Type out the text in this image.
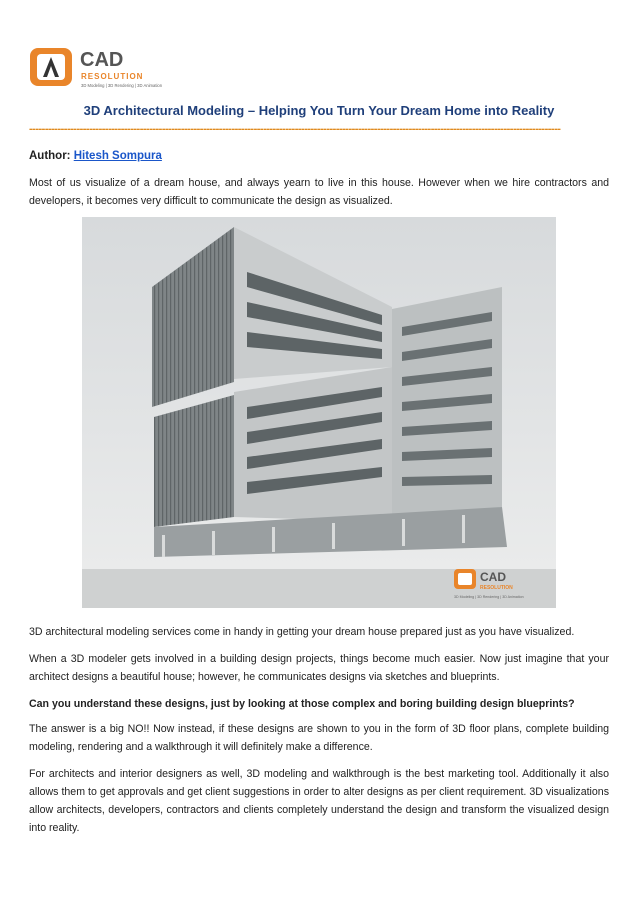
CAD
RESOLUTION
3D Modeling | 3D Rendering | 3D Animation
3D Architectural Modeling – Helping You Turn Your Dream Home into Reality
------------------------------------------------------------------------------------------------------------------------------------------------------------------------
Author: Hitesh Sompura
Most of us visualize of a dream house, and always yearn to live in this house. However when we hire contractors and developers, it becomes very difficult to communicate the design as visualized.
CAD
RESOLUTION
3D Modeling | 3D Rendering | 3D Animation
3D architectural modeling services come in handy in getting your dream house prepared just as you have visualized.
When a 3D modeler gets involved in a building design projects, things become much easier. Now just imagine that your architect designs a beautiful house; however, he communicates designs via sketches and blueprints.
Can you understand these designs, just by looking at those complex and boring building design blueprints?
The answer is a big NO!! Now instead, if these designs are shown to you in the form of 3D floor plans, complete building modeling, rendering and a walkthrough it will definitely make a difference.
For architects and interior designers as well, 3D modeling and walkthrough is the best marketing tool. Additionally it also allows them to get approvals and get client suggestions in order to alter designs as per client requirement. 3D visualizations allow architects, developers, contractors and clients completely understand the design and transform the visualized design into reality.
